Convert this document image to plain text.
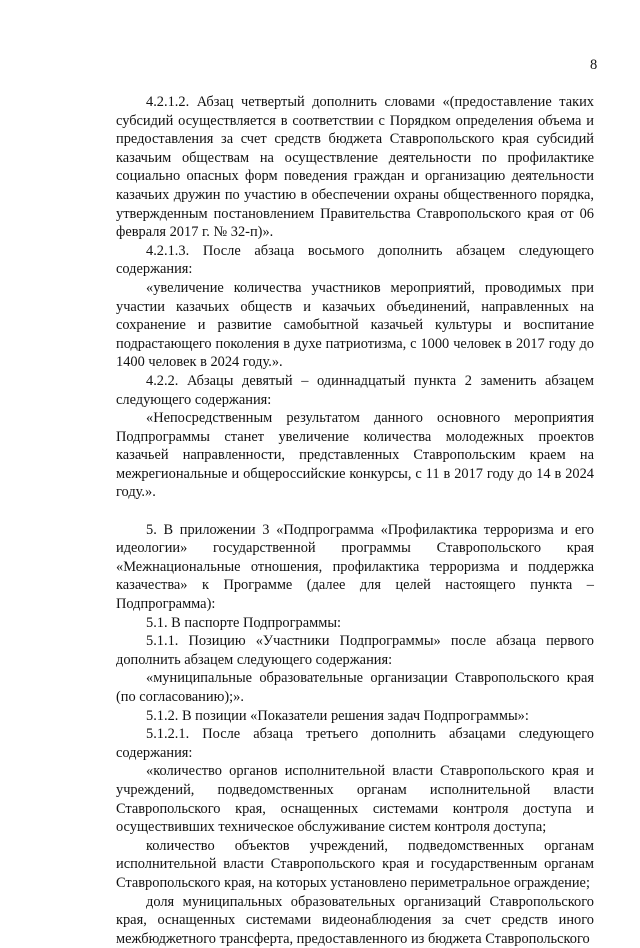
8

4.2.1.2. Абзац четвертый дополнить словами «(предоставление таких субсидий осуществляется в соответствии с Порядком определения объема и предоставления за счет средств бюджета Ставропольского края субсидий казачьим обществам на осуществление деятельности по профилактике социально опасных форм поведения граждан и организацию деятельности казачьих дружин по участию в обеспечении охраны общественного порядка, утвержденным постановлением Правительства Ставропольского края от 06 февраля 2017 г. № 32-п)».

4.2.1.3. После абзаца восьмого дополнить абзацем следующего содержания:

«увеличение количества участников мероприятий, проводимых при участии казачьих обществ и казачьих объединений, направленных на сохранение и развитие самобытной казачьей культуры и воспитание подрастающего поколения в духе патриотизма, с 1000 человек в 2017 году до 1400 человек в 2024 году.».

4.2.2. Абзацы девятый – одиннадцатый пункта 2 заменить абзацем следующего содержания:

«Непосредственным результатом данного основного мероприятия Подпрограммы станет увеличение количества молодежных проектов казачьей направленности, представленных Ставропольским краем на межрегиональные и общероссийские конкурсы, с 11 в 2017 году до 14 в 2024 году.».

5. В приложении 3 «Подпрограмма «Профилактика терроризма и его идеологии» государственной программы Ставропольского края «Межнациональные отношения, профилактика терроризма и поддержка казачества» к Программе (далее для целей настоящего пункта – Подпрограмма):

5.1. В паспорте Подпрограммы:

5.1.1. Позицию «Участники Подпрограммы» после абзаца первого дополнить абзацем следующего содержания:

«муниципальные образовательные организации Ставропольского края (по согласованию);».

5.1.2. В позиции «Показатели решения задач Подпрограммы»:

5.1.2.1. После абзаца третьего дополнить абзацами следующего содержания:

«количество органов исполнительной власти Ставропольского края и учреждений, подведомственных органам исполнительной власти Ставропольского края, оснащенных системами контроля доступа и осуществивших техническое обслуживание систем контроля доступа;

количество объектов учреждений, подведомственных органам исполнительной власти Ставропольского края и государственным органам Ставропольского края, на которых установлено периметральное ограждение;

доля муниципальных образовательных организаций Ставропольского края, оснащенных системами видеонаблюдения за счет средств иного межбюджетного трансферта, предоставленного из бюджета Ставропольского
